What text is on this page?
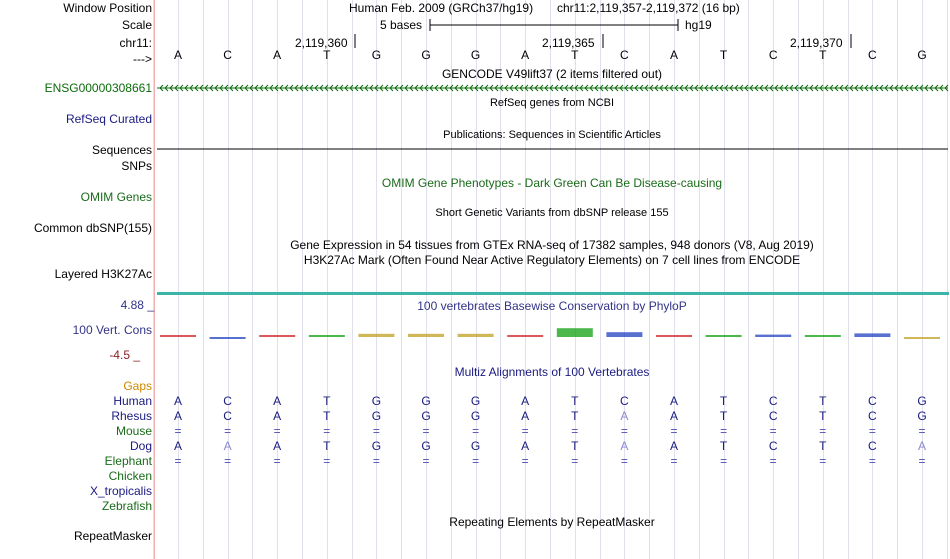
Window Position
Scale
chr11:
--->
Human Feb. 2009 (GRCh37/hg19) chr11:2,119,357-2,119,372 (16 bp)
5 bases	hg19
2,119,360	2,119,365	2,119,370
A	C	A	T	G	G	G	A	T	C	A	T	C	T	C	G
GENCODE V49lift37 (2 items filtered out)
ENSG00000308661
RefSeq genes from NCBI
RefSeq Curated
Publications: Sequences in Scientific Articles
Sequences
SNPs
OMIM Gene Phenotypes - Dark Green Can Be Disease-causing
OMIM Genes
Short Genetic Variants from dbSNP release 155
Common dbSNP(155)
Gene Expression in 54 tissues from GTEx RNA-seq of 17382 samples, 948 donors (V8, Aug 2019)
H3K27Ac Mark (Often Found Near Active Regulatory Elements) on 7 cell lines from ENCODE
Layered H3K27Ac
100 vertebrates Basewise Conservation by PhyloP
4.88 _
100 Vert. Cons
-4.5 _
Multiz Alignments of 100 Vertebrates
Gaps
Human	A	C	A	T	G	G	G	A	T	C	A	T	C	T	C	G
Rhesus	A	C	A	T	G	G	G	A	T	A	A	T	C	T	C	G
Mouse	=	=	=	=	=	=	=	=	=	=	=	=	=	=	=	=
Dog	A	A	A	T	G	G	G	A	T	A	A	T	C	T	C	A
Elephant	=	=	=	=	=	=	=	=	=	=	=	=	=	=	=	=
Chicken
X_tropicalis
Zebrafish
Repeating Elements by RepeatMasker
RepeatMasker
